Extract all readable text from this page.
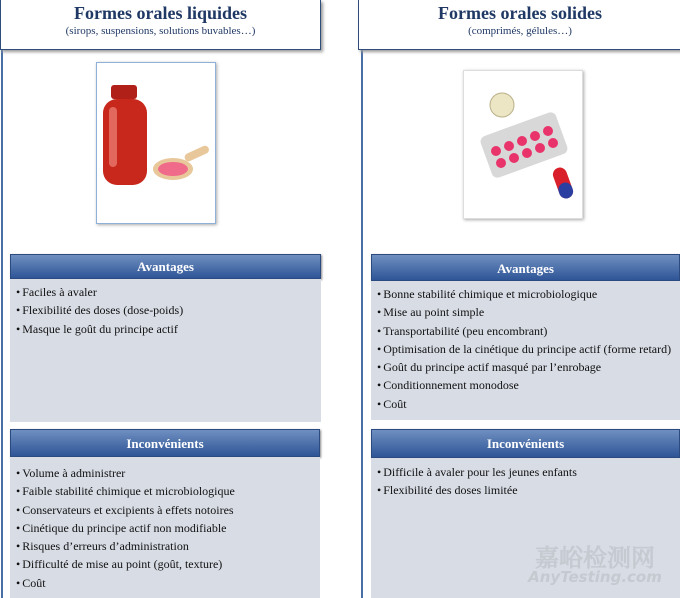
Formes orales liquides
(sirops, suspensions, solutions buvables…)
Formes orales solides
(comprimés, gélules…)
Avantages
• Faciles à avaler
• Flexibilité des doses (dose-poids)
• Masque le goût du principe actif
Inconvénients
• Volume à administrer
• Faible stabilité chimique et microbiologique
• Conservateurs et excipients à effets notoires
• Cinétique du principe actif non modifiable
• Risques d’erreurs d’administration
• Difficulté de mise au point (goût, texture)
• Coût
Avantages
• Bonne stabilité chimique et microbiologique
• Mise au point simple
• Transportabilité (peu encombrant)
• Optimisation de la cinétique du principe actif (forme retard)
• Goût du principe actif masqué par l’enrobage
• Conditionnement monodose
• Coût
Inconvénients
• Difficile à avaler pour les jeunes enfants
• Flexibilité des doses limitée
嘉峪检测网
AnyTesting.com
